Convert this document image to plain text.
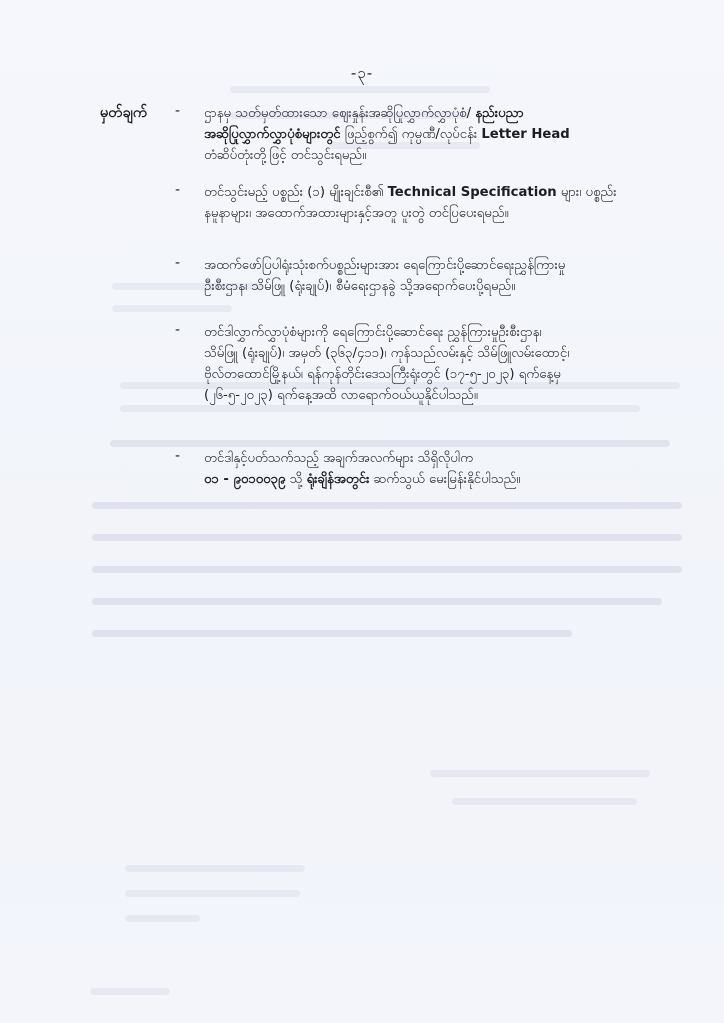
-၃-
မှတ်ချက် - ဌာနမှ သတ်မှတ်ထားသော ဈေးနှုန်းအဆိုပြုလွှာက်လွှာပုံစံ/ နည်းပညာ
အဆိုပြုလွှာက်လွှာပုံစံများတွင် ဖြည့်စွက်၍ ကုမ္ပဏီ/လုပ်ငန်း Letter Head
တံဆိပ်တုံးတို့ဖြင့် တင်သွင်းရမည်။
- တင်သွင်းမည့် ပစ္စည်း (၁) မျိုးချင်းစီ၏ Technical Specification များ၊ ပစ္စည်း
နမူနာများ၊ အထောက်အထားများနှင့်အတူ ပူးတွဲ တင်ပြပေးရမည်။
- အထက်ဖော်ပြပါရုံးသုံးစက်ပစ္စည်းများအား ရေကြောင်းပို့ဆောင်ရေးညွှန်ကြားမှု
ဦးစီးဌာန၊ သိမ်ဖြူ (ရုံးချုပ်)၊ စီမံရေးဌာနခွဲ သို့အရောက်ပေးပို့ရမည်။
- တင်ဒါလွှာက်လွှာပုံစံများကို ရေကြောင်းပို့ဆောင်ရေး ညွှန်ကြားမှုဦးစီးဌာန၊
သိမ်ဖြူ (ရုံးချုပ်)၊ အမှတ် (၃၆၃/၄၁၁)၊ ကုန်သည်လမ်းနှင့် သိမ်ဖြူလမ်းထောင့်၊
ဗိုလ်တထောင်မြို့နယ်၊ ရန်ကုန်တိုင်းဒေသကြီးရုံးတွင် (၁၇-၅-၂၀၂၃) ရက်နေ့မှ
(၂၆-၅-၂၀၂၃) ရက်နေ့အထိ လာရောက်ဝယ်ယူနိုင်ပါသည်။
- တင်ဒါနှင့်ပတ်သက်သည့် အချက်အလက်များ သိရှိလိုပါက
၀၁ - ၉၀၁၀၀၃၉ သို့ ရုံးချိန်အတွင်း ဆက်သွယ် မေးမြန်းနိုင်ပါသည်။
